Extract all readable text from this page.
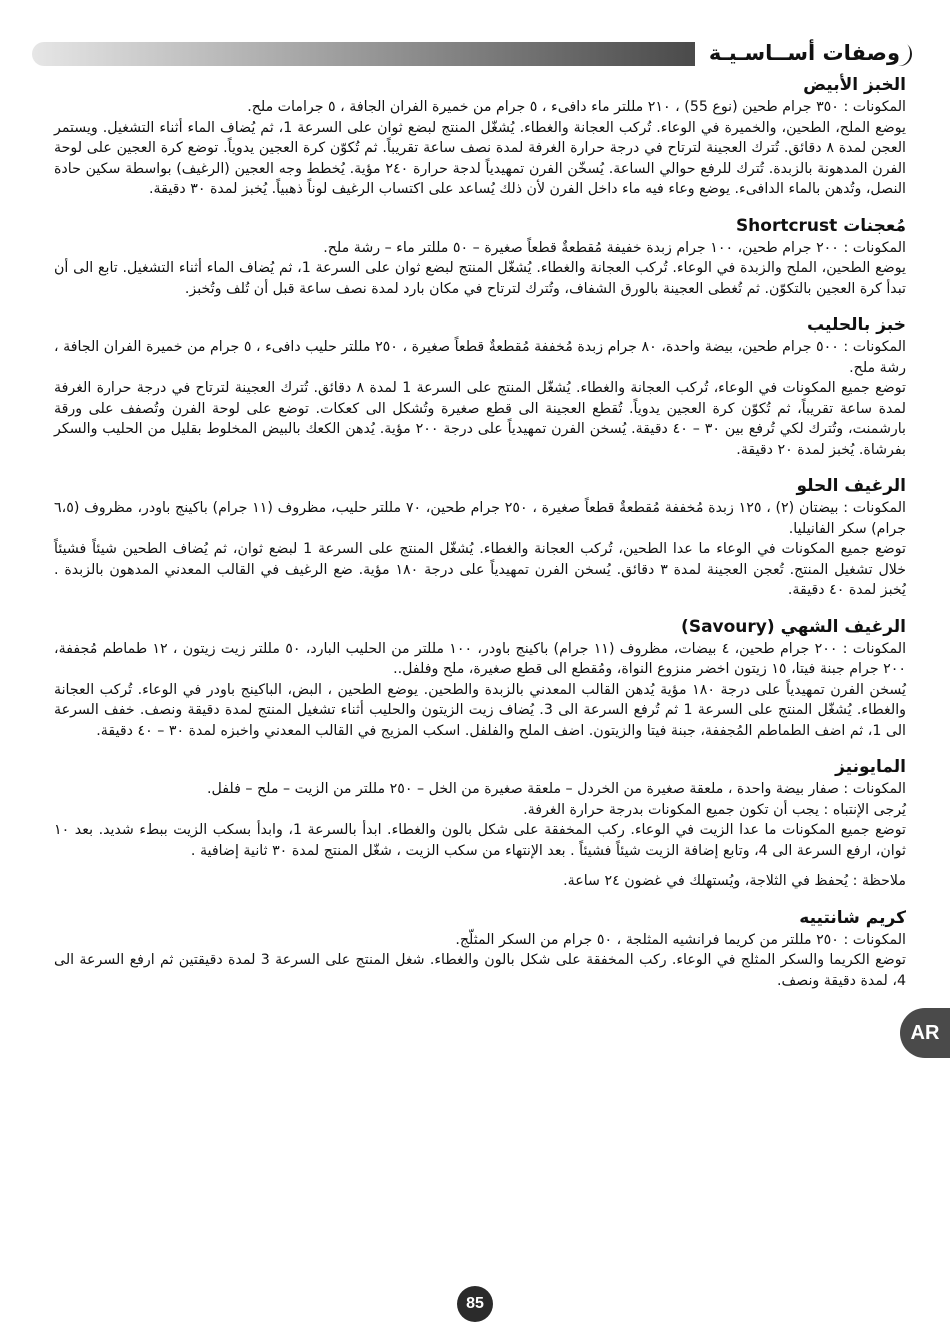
وصفات أســاسـيـة
الخبز الأبيض

المكونات : ٣٥٠ جرام طحين (نوع 55) ، ٢١٠ مللتر ماء دافىء ، ٥ جرام من خميرة الفران الجافة ، ٥ جرامات ملح.

يوضع الملح، الطحين، والخميرة في الوعاء. تُركب العجانة والغطاء. يُشغّل المنتج لبضع ثوان على السرعة 1، ثم يُضاف الماء أثناء التشغيل. ويستمر العجن لمدة ٨ دقائق. تُترك العجينة لترتاح في درجة حرارة الغرفة لمدة نصف ساعة تقريباً. ثم تُكوّن كرة العجين يدوياً. توضع كرة العجين على لوحة الفرن المدهونة بالزبدة. تُترك للرفع حوالي الساعة. يُسخّن الفرن تمهيدياً لدجة حرارة ٢٤٠ مؤية. يُخطط وجه العجين (الرغيف) بواسطة سكين حادة النصل، وتُدهن بالماء الدافىء. يوضع وعاء فيه ماء داخل الفرن لأن ذلك يُساعد على اكتساب الرغيف لوناً ذهبياً. يُخبز لمدة ٣٠ دقيقة.

مُعجنات Shortcrust

المكونات : ٢٠٠ جرام طحين، ١٠٠ جرام زبدة خفيفة مُقطعةٌ قطعاً صغيرة – ٥٠ مللتر ماء – رشة ملح.

يوضع الطحين، الملح والزبدة في الوعاء. تُركب العجانة والغطاء. يُشغّل المنتج لبضع ثوان على السرعة 1، ثم يُضاف الماء أثناء التشغيل. تابع الى أن تبدأ كرة العجين بالتكوّن. ثم تُغطى العجينة بالورق الشفاف، وتُترك لترتاح في مكان بارد لمدة نصف ساعة قبل أن تُلف وتُخبز.

خبز بالحليب

المكونات : ٥٠٠ جرام طحين، بيضة واحدة، ٨٠ جرام زبدة مُخففة مُقطعةٌ قطعاً صغيرة ، ٢٥٠ مللتر حليب دافىء ، ٥ جرام من خميرة الفران الجافة ، رشة ملح.

توضع جميع المكونات في الوعاء، تُركب العجانة والغطاء. يُشغّل المنتج على السرعة 1 لمدة ٨ دقائق. تُترك العجينة لترتاح في درجة حرارة الغرفة لمدة ساعة تقريباً، ثم تُكوّن كرة العجين يدوياً. تُقطع العجينة الى قطع صغيرة وتُشكل الى كعكات. توضع على لوحة الفرن وتُصفف على ورقة بارشمنت، وتُترك لكي تُرفع بين ٣٠ – ٤٠ دقيقة. يُسخن الفرن تمهيدياً على درجة ٢٠٠ مؤية. يُدهن الكعك بالبيض المخلوط بقليل من الحليب والسكر بفرشاة. يُخبز لمدة ٢٠ دقيقة.

الرغيف الحلو

المكونات : بيضتان (٢) ، ١٢٥ زبدة مُخففة مُقطعةٌ قطعاً صغيرة ، ٢٥٠ جرام طحين، ٧٠ مللتر حليب، مظروف (١١ جرام) باكينج باودر، مظروف (٦،٥ جرام) سكر الفانيليا.

توضع جميع المكونات في الوعاء ما عدا الطحين، تُركب العجانة والغطاء. يُشغّل المنتج على السرعة 1 لبضع ثوان، ثم يُضاف الطحين شيئاً فشيئاً خلال تشغيل المنتج. تُعجن العجينة لمدة ٣ دقائق. يُسخن الفرن تمهيدياً على درجة ١٨٠ مؤية. ضع الرغيف في القالب المعدني المدهون بالزبدة . يُخبز لمدة ٤٠ دقيقة.

الرغيف الشهي (Savoury)

المكونات : ٢٠٠ جرام طحين، ٤ بيضات، مظروف (١١ جرام) باكينج باودر، ١٠٠ مللتر من الحليب البارد، ٥٠ مللتر زيت زيتون ، ١٢ طماطم مُجففة، ٢٠٠ جرام جبنة فيتا، ١٥ زيتون اخضر منزوع النواة، ومُقطع الى قطع صغيرة، ملح وفلفل..

يُسخن الفرن تمهيدياً على درجة ١٨٠ مؤية يُدهن القالب المعدني بالزبدة والطحين. يوضع الطحين ، البض، الباكينج باودر في الوعاء. تُركب العجانة والغطاء. يُشغّل المنتج على السرعة 1 ثم تُرفع السرعة الى 3. يُضاف زيت الزيتون والحليب أثناء تشغيل المنتج لمدة دقيقة ونصف. خفف السرعة الى 1، ثم اضف الطماطم المُجففة، جبنة فيتا والزيتون. اضف الملح والفلفل. اسكب المزيج في القالب المعدني واخبزه لمدة ٣٠ – ٤٠ دقيقة.

المايونيز

المكونات : صفار بيضة واحدة ، ملعقة صغيرة من الخردل – ملعقة صغيرة من الخل – ٢٥٠ مللتر من الزيت – ملح – فلفل.

يُرجى الإنتباه : يجب أن تكون جميع المكونات بدرجة حرارة الغرفة.

توضع جميع المكونات ما عدا الزيت في الوعاء. ركب المخفقة على شكل بالون والغطاء. ابدأ بالسرعة 1، وابدأ بسكب الزيت ببطء شديد. بعد ١٠ ثوان، ارفع السرعة الى 4، وتابع إضافة الزيت شيئاً فشيئاً . بعد الإنتهاء من سكب الزيت ، شغّل المنتج لمدة ٣٠ ثانية إضافية .

ملاحظة : يُحفظ في الثلاجة، ويُستهلك في غضون ٢٤ ساعة.

كريم شانتييه

المكونات : ٢٥٠ مللتر من كريما فرانشيه المثلجة ، ٥٠ جرام من السكر المثلّج.

توضع الكريما والسكر المثلج في الوعاء. ركب المخفقة على شكل بالون والغطاء. شغل المنتج على السرعة 3 لمدة دقيقتين ثم ارفع السرعة الى 4، لمدة دقيقة ونصف.

AR
85
